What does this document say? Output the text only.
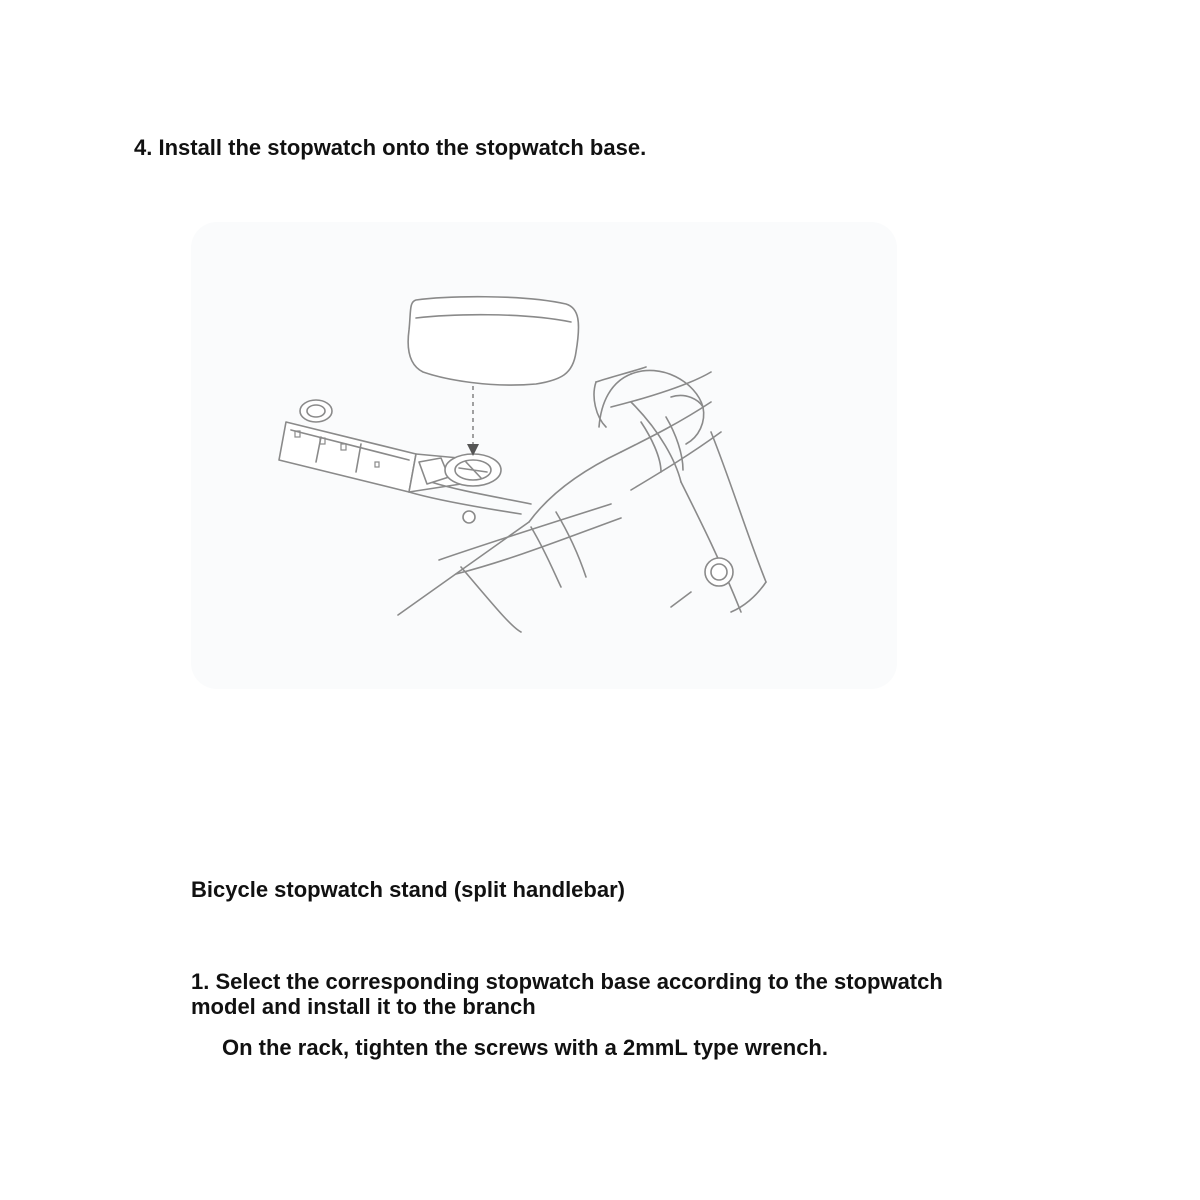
4. Install the stopwatch onto the stopwatch base.

Bicycle stopwatch stand (split handlebar)

1. Select the corresponding stopwatch base according to the stopwatch model and install it to the branch

On the rack, tighten the screws with a 2mmL type wrench.
